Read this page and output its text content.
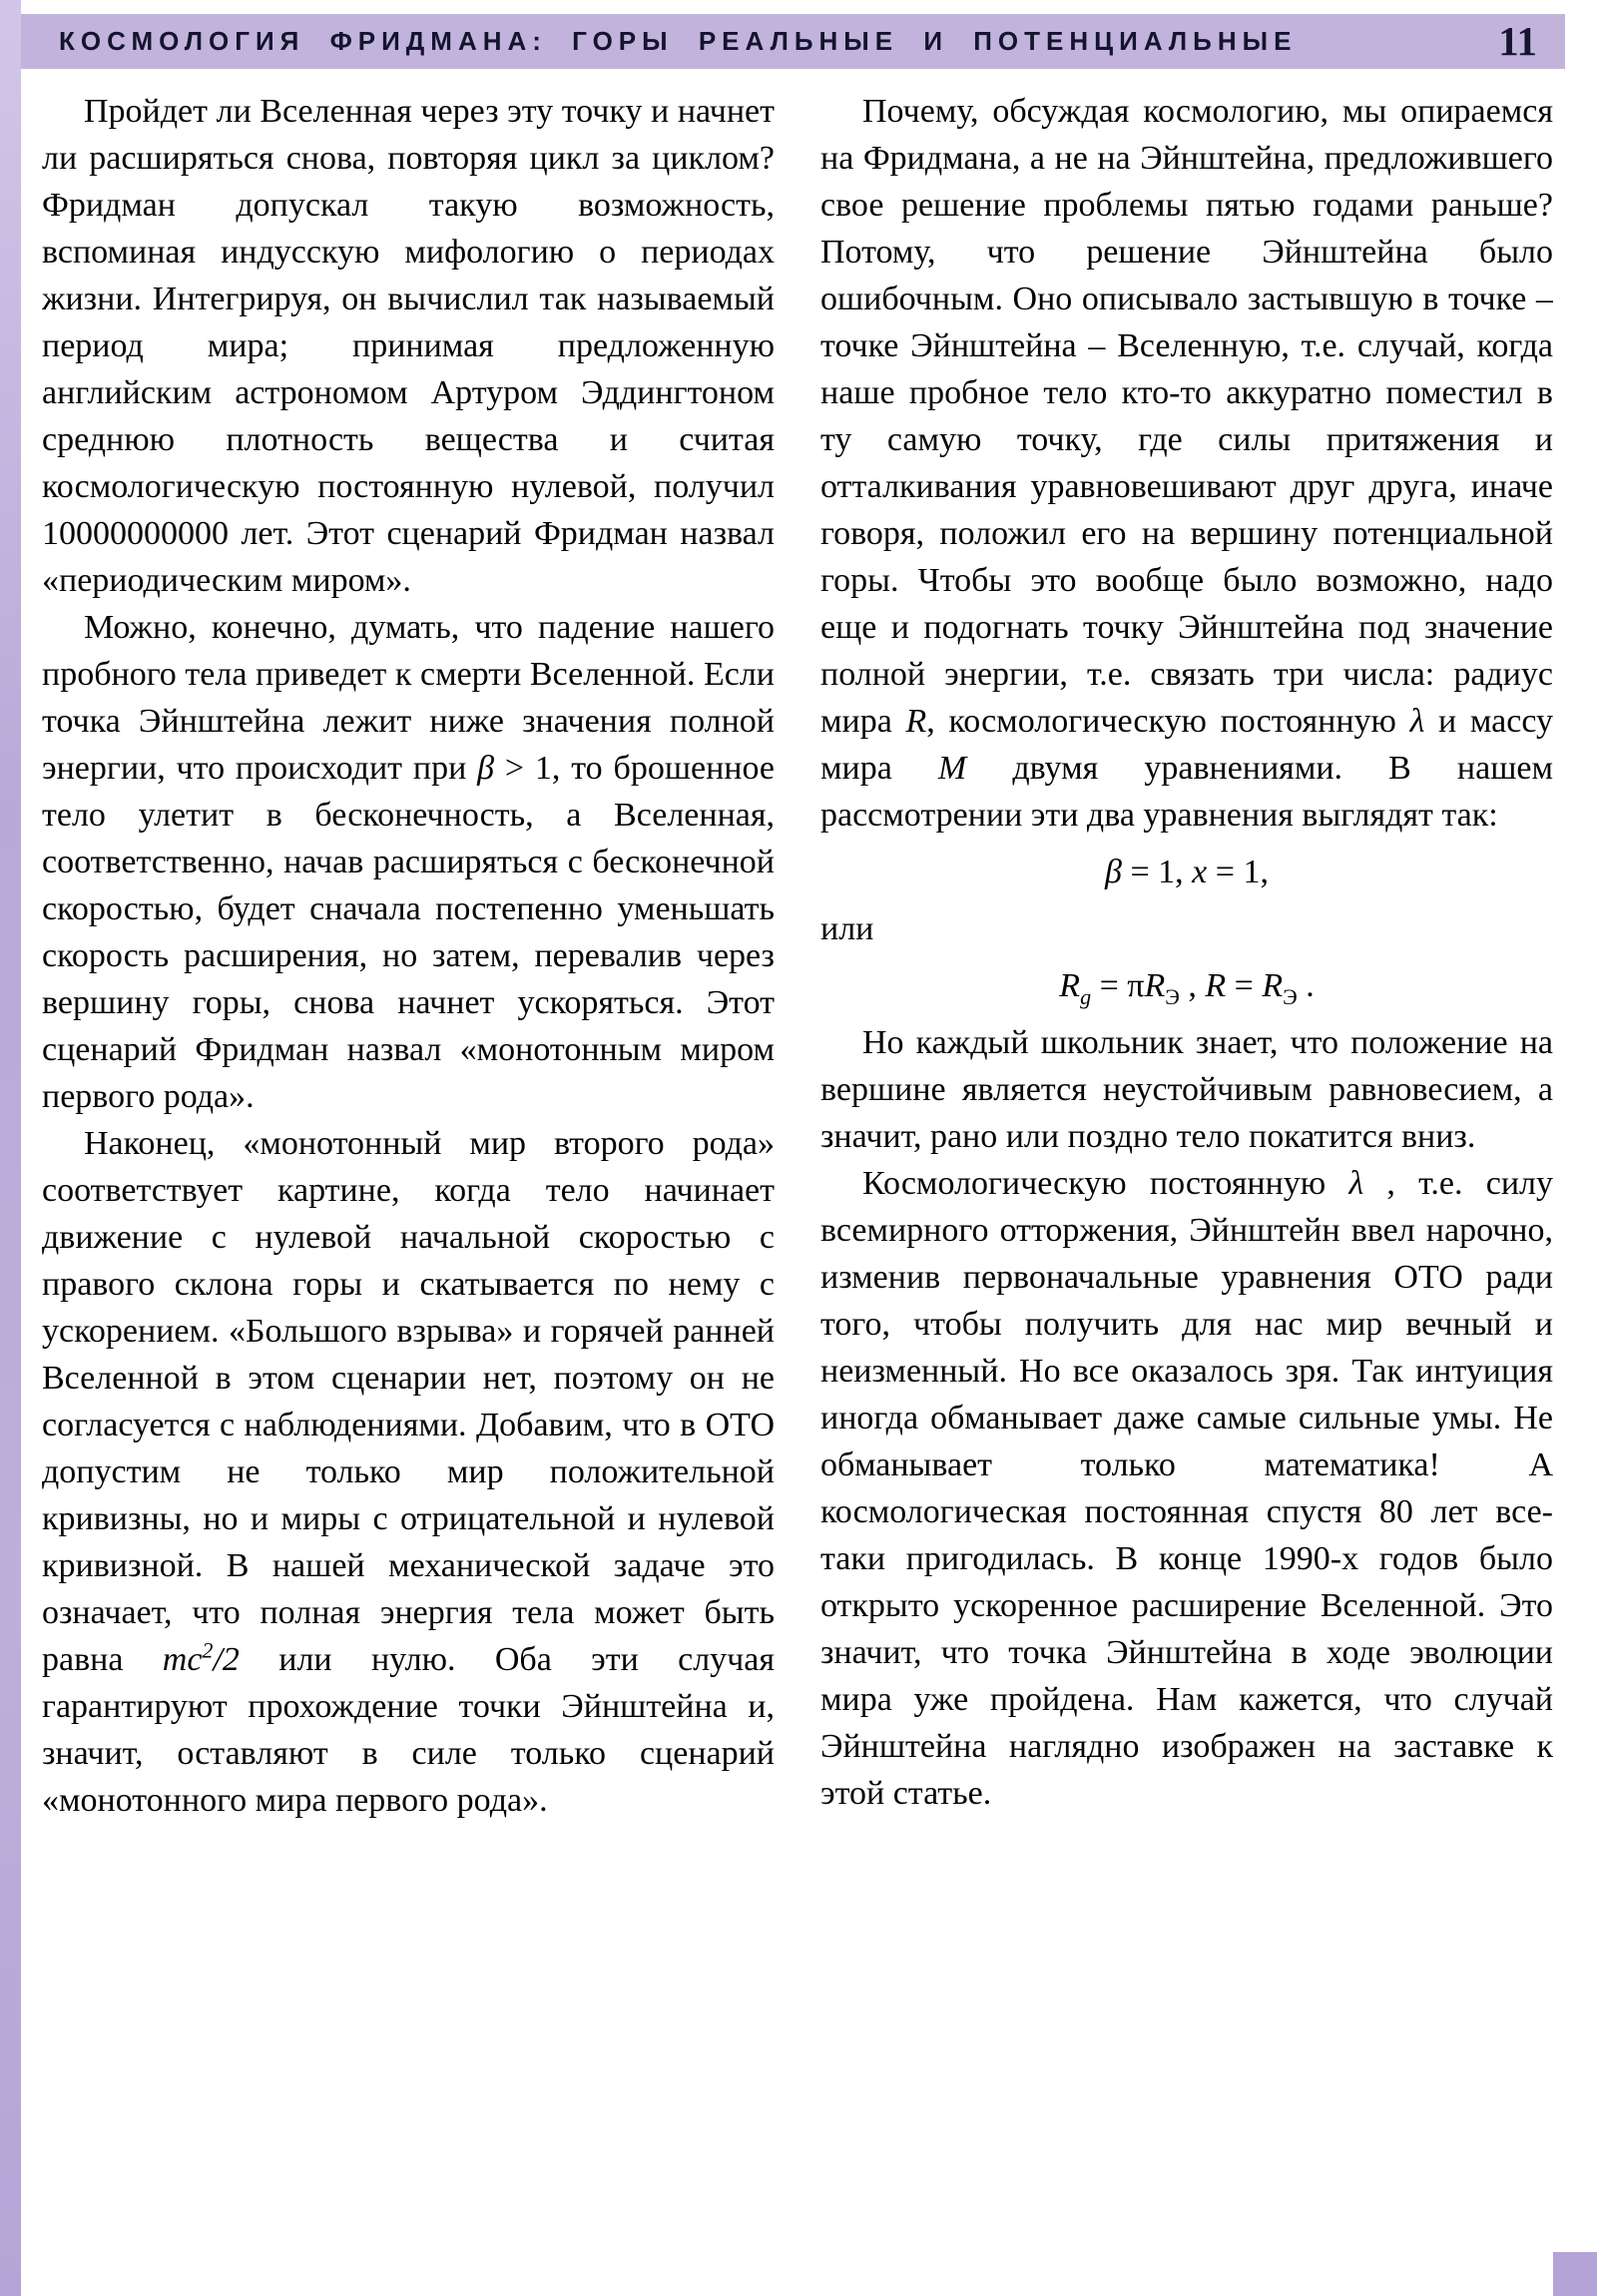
КОСМОЛОГИЯ ФРИДМАНА: ГОРЫ РЕАЛЬНЫЕ И ПОТЕНЦИАЛЬНЫЕ	11
Пройдет ли Вселенная через эту точку и начнет ли расширяться снова, повторяя цикл за циклом? Фридман допускал такую возможность, вспоминая индусскую мифологию о периодах жизни. Интегрируя, он вычислил так называемый период мира; принимая предложенную английским астрономом Артуром Эддингтоном среднюю плотность вещества и считая космологическую постоянную нулевой, получил 10000000000 лет. Этот сценарий Фридман назвал «периодическим миром».
Можно, конечно, думать, что падение нашего пробного тела приведет к смерти Вселенной. Если точка Эйнштейна лежит ниже значения полной энергии, что происходит при β > 1, то брошенное тело улетит в бесконечность, а Вселенная, соответственно, начав расширяться с бесконечной скоростью, будет сначала постепенно уменьшать скорость расширения, но затем, перевалив через вершину горы, снова начнет ускоряться. Этот сценарий Фридман назвал «монотонным миром первого рода».
Наконец, «монотонный мир второго рода» соответствует картине, когда тело начинает движение с нулевой начальной скоростью с правого склона горы и скатывается по нему с ускорением. «Большого взрыва» и горячей ранней Вселенной в этом сценарии нет, поэтому он не согласуется с наблюдениями. Добавим, что в ОТО допустим не только мир положительной кривизны, но и миры с отрицательной и нулевой кривизной. В нашей механической задаче это означает, что полная энергия тела может быть равна $mc^2/2$ или нулю. Оба эти случая гарантируют прохождение точки Эйнштейна и, значит, оставляют в силе только сценарий «монотонного мира первого рода».
Почему, обсуждая космологию, мы опираемся на Фридмана, а не на Эйнштейна, предложившего свое решение проблемы пятью годами раньше? Потому, что решение Эйнштейна было ошибочным. Оно описывало застывшую в точке – точке Эйнштейна – Вселенную, т.е. случай, когда наше пробное тело кто-то аккуратно поместил в ту самую точку, где силы притяжения и отталкивания уравновешивают друг друга, иначе говоря, положил его на вершину потенциальной горы. Чтобы это вообще было возможно, надо еще и подогнать точку Эйнштейна под значение полной энергии, т.е. связать три числа: радиус мира R, космологическую постоянную λ и массу мира M двумя уравнениями. В нашем рассмотрении эти два уравнения выглядят так:
β = 1, x = 1,
или
$R_g = \pi R_Э$ , $R = R_Э$ .
Но каждый школьник знает, что положение на вершине является неустойчивым равновесием, а значит, рано или поздно тело покатится вниз.
Космологическую постоянную λ , т.е. силу всемирного отторжения, Эйнштейн ввел нарочно, изменив первоначальные уравнения ОТО ради того, чтобы получить для нас мир вечный и неизменный. Но все оказалось зря. Так интуиция иногда обманывает даже самые сильные умы. Не обманывает только математика! А космологическая постоянная спустя 80 лет все-таки пригодилась. В конце 1990-х годов было открыто ускоренное расширение Вселенной. Это значит, что точка Эйнштейна в ходе эволюции мира уже пройдена. Нам кажется, что случай Эйнштейна наглядно изображен на заставке к этой статье.
